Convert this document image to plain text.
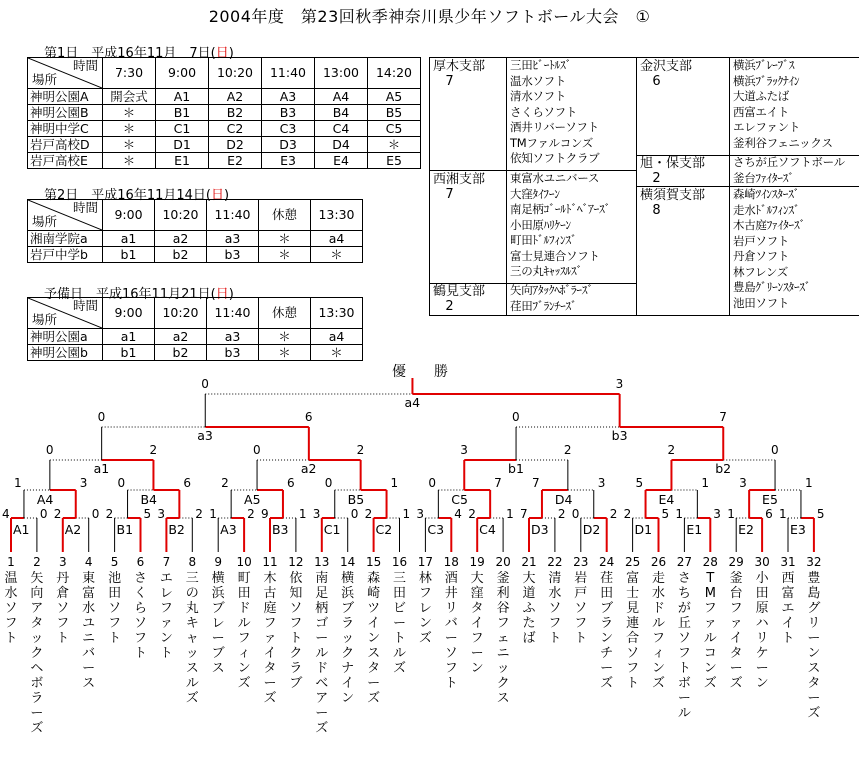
2004年度　第23回秋季神奈川県少年ソフトボール大会　①
第1日　平成16年11月　7日(日)
時間
場所	7:30	9:00	10:20	11:40	13:00	14:20
神明公園A	開会式	A1	A2	A3	A4	A5
神明公園B	＊	B1	B2	B3	B4	B5
神明中学C	＊	C1	C2	C3	C4	C5
岩戸高校D	＊	D1	D2	D3	D4	＊
岩戸高校E	＊	E1	E2	E3	E4	E5
第2日　平成16年11月14日(日)
時間
場所	9:00	10:20	11:40	休憩	13:30
湘南学院a	a1	a2	a3	＊	a4
岩戸中学b	b1	b2	b3	＊	＊
予備日　平成16年11月21日(日)
時間
場所	9:00	10:20	11:40	休憩	13:30
神明公園a	a1	a2	a3	＊	a4
神明公園b	b1	b2	b3	＊	＊
厚木支部
7
三田ﾋﾞｰﾄﾙｽﾞ
温水ソフト
清水ソフト
さくらソフト
酒井リバーソフト
TMファルコンズ
依知ソフトクラブ
西湘支部
7
東富水ユニバース
大窪ﾀｲﾌｰﾝ
南足柄ｺﾞｰﾙﾄﾞﾍﾞｱｰｽﾞ
小田原ﾊﾘｹｰﾝ
町田ﾄﾞﾙﾌｨﾝｽﾞ
富士見連合ソフト
三の丸ｷｬｯｽﾙｽﾞ
鶴見支部
2
矢向ｱﾀｯｸﾍﾎﾞﾗｰｽﾞ
荏田ﾌﾞﾗﾝﾁｰｽﾞ
金沢支部
6
横浜ﾌﾞﾚｰﾌﾞｽ
横浜ﾌﾞﾗｯｸﾅｲﾝ
大道ふたば
西富エイト
エレファント
釜利谷フェニックス
旭・保支部
2
さちが丘ソフトボール
釜台ﾌｧｲﾀｰｽﾞ
横須賀支部
8
森崎ﾂｲﾝｽﾀｰｽﾞ
走水ﾄﾞﾙﾌｨﾝｽﾞ
木古庭ﾌｧｲﾀｰｽﾞ
岩戸ソフト
丹倉ソフト
林フレンズ
豊島ｸﾞﾘｰﾝｽﾀｰｽﾞ
池田ソフト
優　　勝
1
温水ソフト
2
矢向アタックヘボラーズ
3
丹倉ソフト
4
東富水ユニバース
5
池田ソフト
6
さくらソフト
7
エレファント
8
三の丸キャッスルズ
9
横浜ブレーブス
10
町田ドルフィンズ
11
木古庭ファイターズ
12
依知ソフトクラブ
13
南足柄ゴールドベアーズ
14
横浜ブラックナイン
15
森崎ツインスターズ
16
三田ビートルズ
17
林フレンズ
18
酒井リバーソフト
19
大窪タイフーン
20
釜利谷フェニックス
21
大道ふたば
22
清水ソフト
23
岩戸ソフト
24
荏田ブランチーズ
25
富士見連合ソフト
26
走水ドルフィンズ
27
さちが丘ソフトボール
28
TMファルコンズ
29
釜台ファイターズ
30
小田原ハリケーン
31
西富エイト
32
豊島グリーンスターズ
A1
4	0
A2
2	0
B1
2	5
B2
3	2
A3
1	2
B3
9	1
C1
3	0
C2
2	1
C3
3	4
C4
2	1
D3
7	2
D2
0	2
D1
2	5
E1
1	3
E2
1	6
E3
1	5
A4
1	3
B4
0	6
A5
2	6
B5
0	1
C5
0	7
D4
7	3
E4
5	1
E5
3	1
a1
0	2
a2
0	2
b1
3	2
b2
2	0
a3
0	6
b3
0	7
a4
0	3
